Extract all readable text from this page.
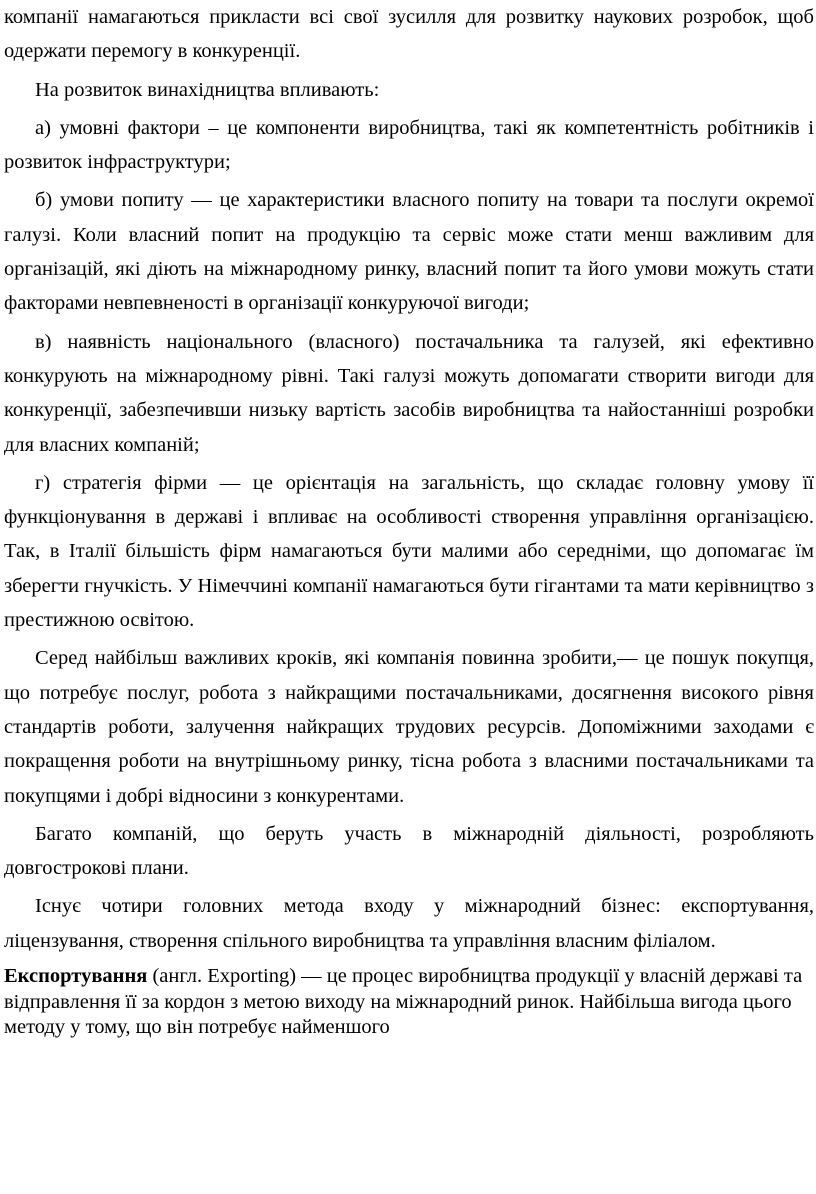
компанії намагаються прикласти всі свої зусилля для розвитку наукових розробок, щоб одержати перемогу в конкуренції.

На розвиток винахідництва впливають:

а) умовні фактори – це компоненти виробництва, такі як компетентність робітників і розвиток інфраструктури;

б) умови попиту — це характеристики власного попиту на товари та послуги окремої галузі. Коли власний попит на продукцію та сервіс може стати менш важливим для організацій, які діють на міжнародному ринку, власний попит та його умови можуть стати факторами невпевненості в організації конкуруючої вигоди;

в) наявність національного (власного) постачальника та галузей, які ефективно конкурують на міжнародному рівні. Такі галузі можуть допомагати створити вигоди для конкуренції, забезпечивши низьку вартість засобів виробництва та найостанніші розробки для власних компаній;

г) стратегія фірми — це орієнтація на загальність, що складає головну умову її функціонування в державі і впливає на особливості створення управління організацією. Так, в Італії більшість фірм намагаються бути малими або середніми, що допомагає їм зберегти гнучкість. У Німеччині компанії намагаються бути гігантами та мати керівництво з престижною освітою.

Серед найбільш важливих кроків, які компанія повинна зробити,— це пошук покупця, що потребує послуг, робота з найкращими постачальниками, досягнення високого рівня стандартів роботи, залучення найкращих трудових ресурсів. Допоміжними заходами є покращення роботи на внутрішньому ринку, тісна робота з власними постачальниками та покупцями і добрі відносини з конкурентами.

Багато компаній, що беруть участь в міжнародній діяльності, розробляють довгострокові плани.

Існує чотири головних метода входу у міжнародний бізнес: експортування, ліцензування, створення спільного виробництва та управління власним філіалом.

Експортування (англ. Exporting) — це процес виробництва продукції у власній державі та відправлення її за кордон з метою виходу на міжнародний ринок. Найбільша вигода цього методу у тому, що він потребує найменшого
